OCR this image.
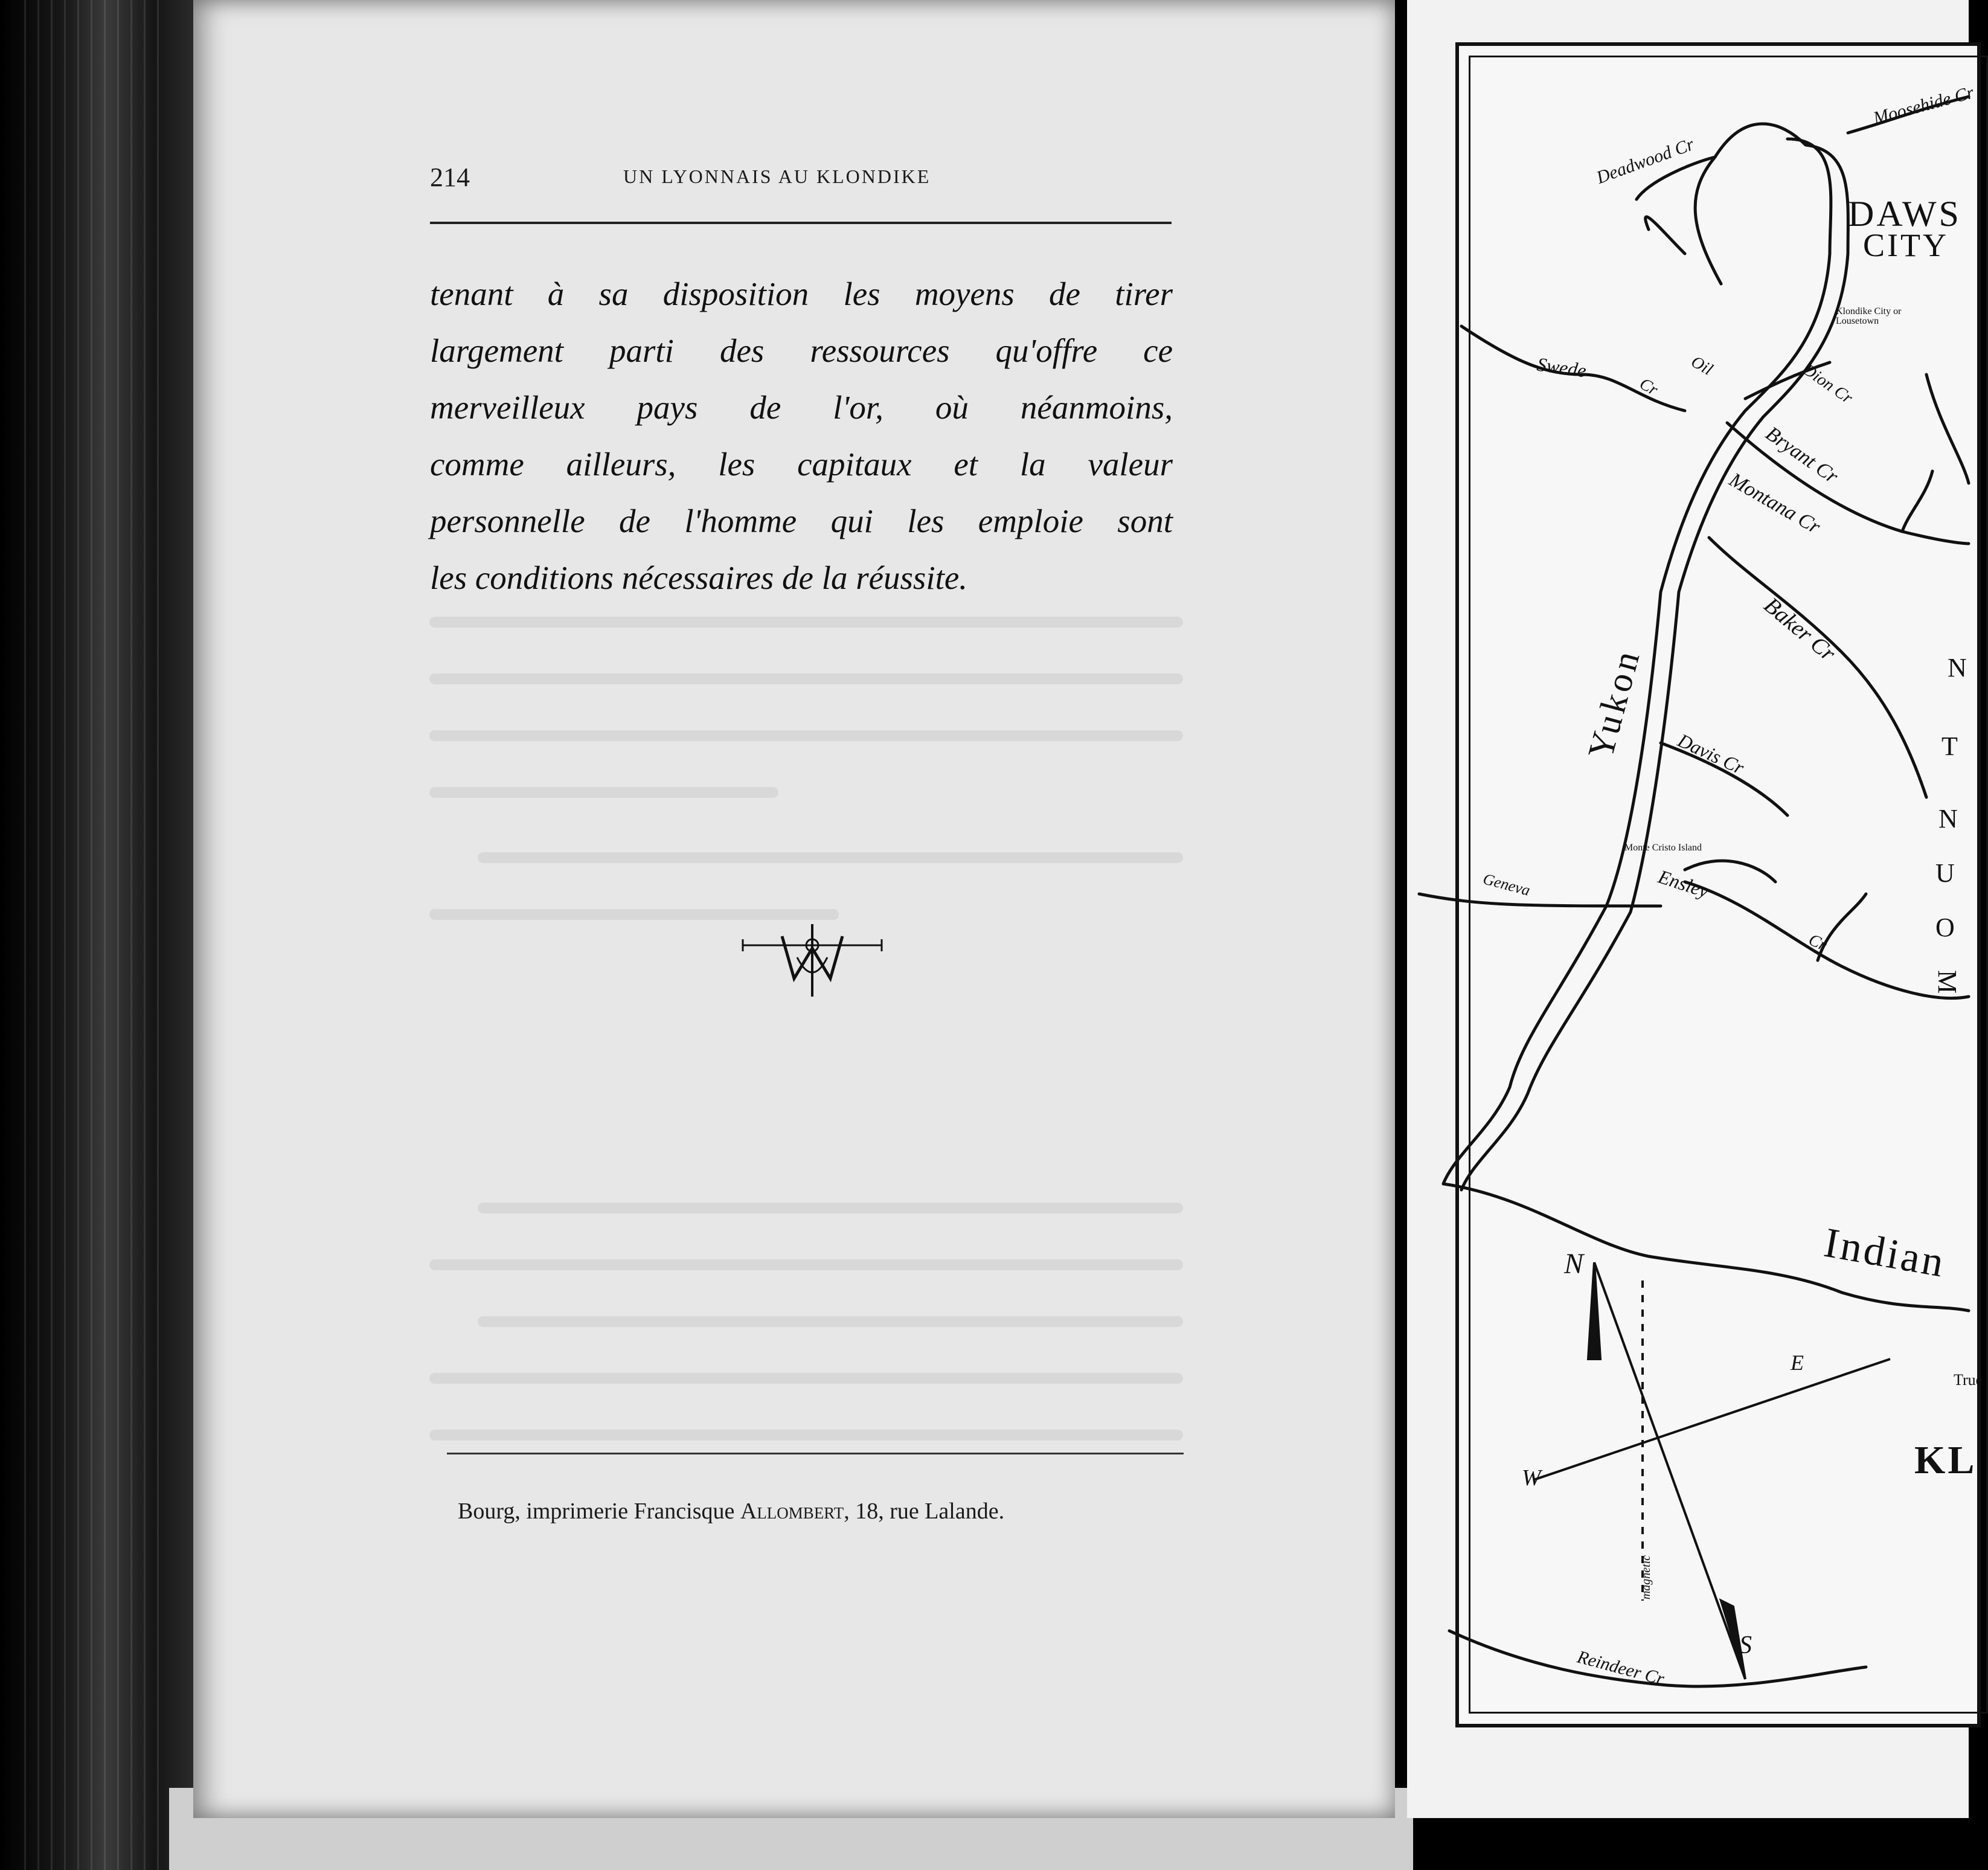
214	UN LYONNAIS AU KLONDIKE

tenant à sa disposition les moyens de tirer

largement parti des ressources qu'offre ce

merveilleux pays de l'or, où néanmoins,

comme ailleurs, les capitaux et la valeur

personnelle de l'homme qui les emploie sont

les conditions nécessaires de la réussite.

Bourg, imprimerie Francisque Allombert, 18, rue Lalande.
Moosehide Cr
Deadwood Cr
DAWS
CITY
Klondike City or Lousetown
Swede
Cr
Oil	Dion Cr
Bryant Cr
Montana Cr
Baker Cr
Yukon Davis Cr
Monte Cristo Island
Ensley
Cr
Geneva
Indian
Reindeer Cr
N
E
W
S
magnetic
True
KL
N
T
N
U
O
M
